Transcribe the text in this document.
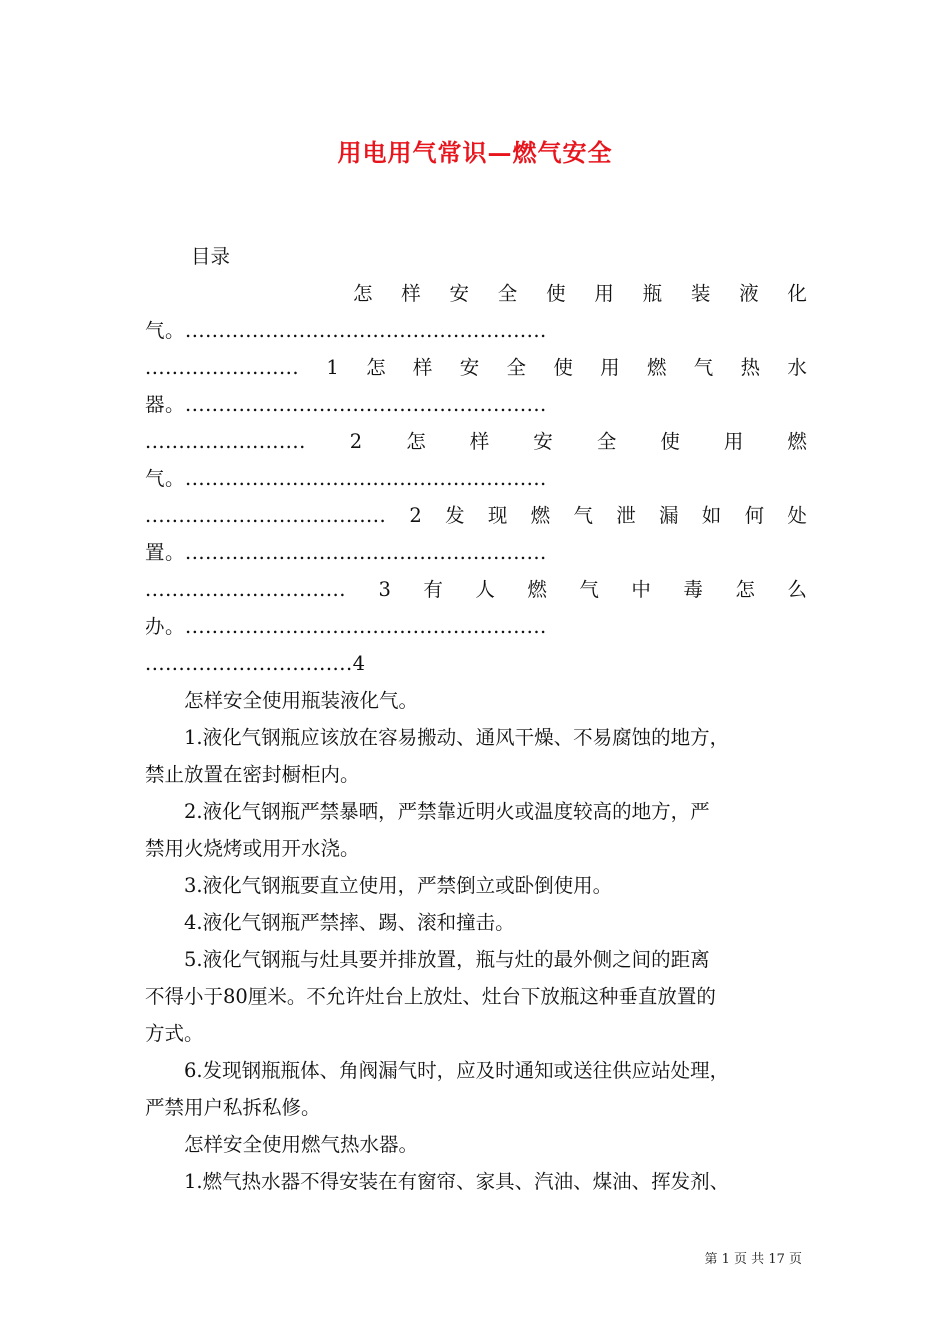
用电用气常识—燃气安全
目录
怎 样 安 全 使 用 瓶 装 液 化
气。......................................................
....................... 1 怎 样 安 全 使 用 燃 气 热 水
器。......................................................
........................ 2 怎 样 安 全 使 用 燃
气。......................................................
.................................... 2 发 现 燃 气 泄 漏 如 何 处
置。......................................................
.............................. 3 有 人 燃 气 中 毒 怎 么
办。......................................................
...............................4
怎样安全使用瓶装液化气。
1.液化气钢瓶应该放在容易搬动、通风干燥、不易腐蚀的地方，
禁止放置在密封橱柜内。
2.液化气钢瓶严禁暴晒，严禁靠近明火或温度较高的地方，严
禁用火烧烤或用开水浇。
3.液化气钢瓶要直立使用，严禁倒立或卧倒使用。
4.液化气钢瓶严禁摔、踢、滚和撞击。
5.液化气钢瓶与灶具要并排放置，瓶与灶的最外侧之间的距离
不得小于80厘米。不允许灶台上放灶、灶台下放瓶这种垂直放置的
方式。
6.发现钢瓶瓶体、角阀漏气时，应及时通知或送往供应站处理，
严禁用户私拆私修。
怎样安全使用燃气热水器。
1.燃气热水器不得安装在有窗帘、家具、汽油、煤油、挥发剂、
第 1 页 共 17 页
